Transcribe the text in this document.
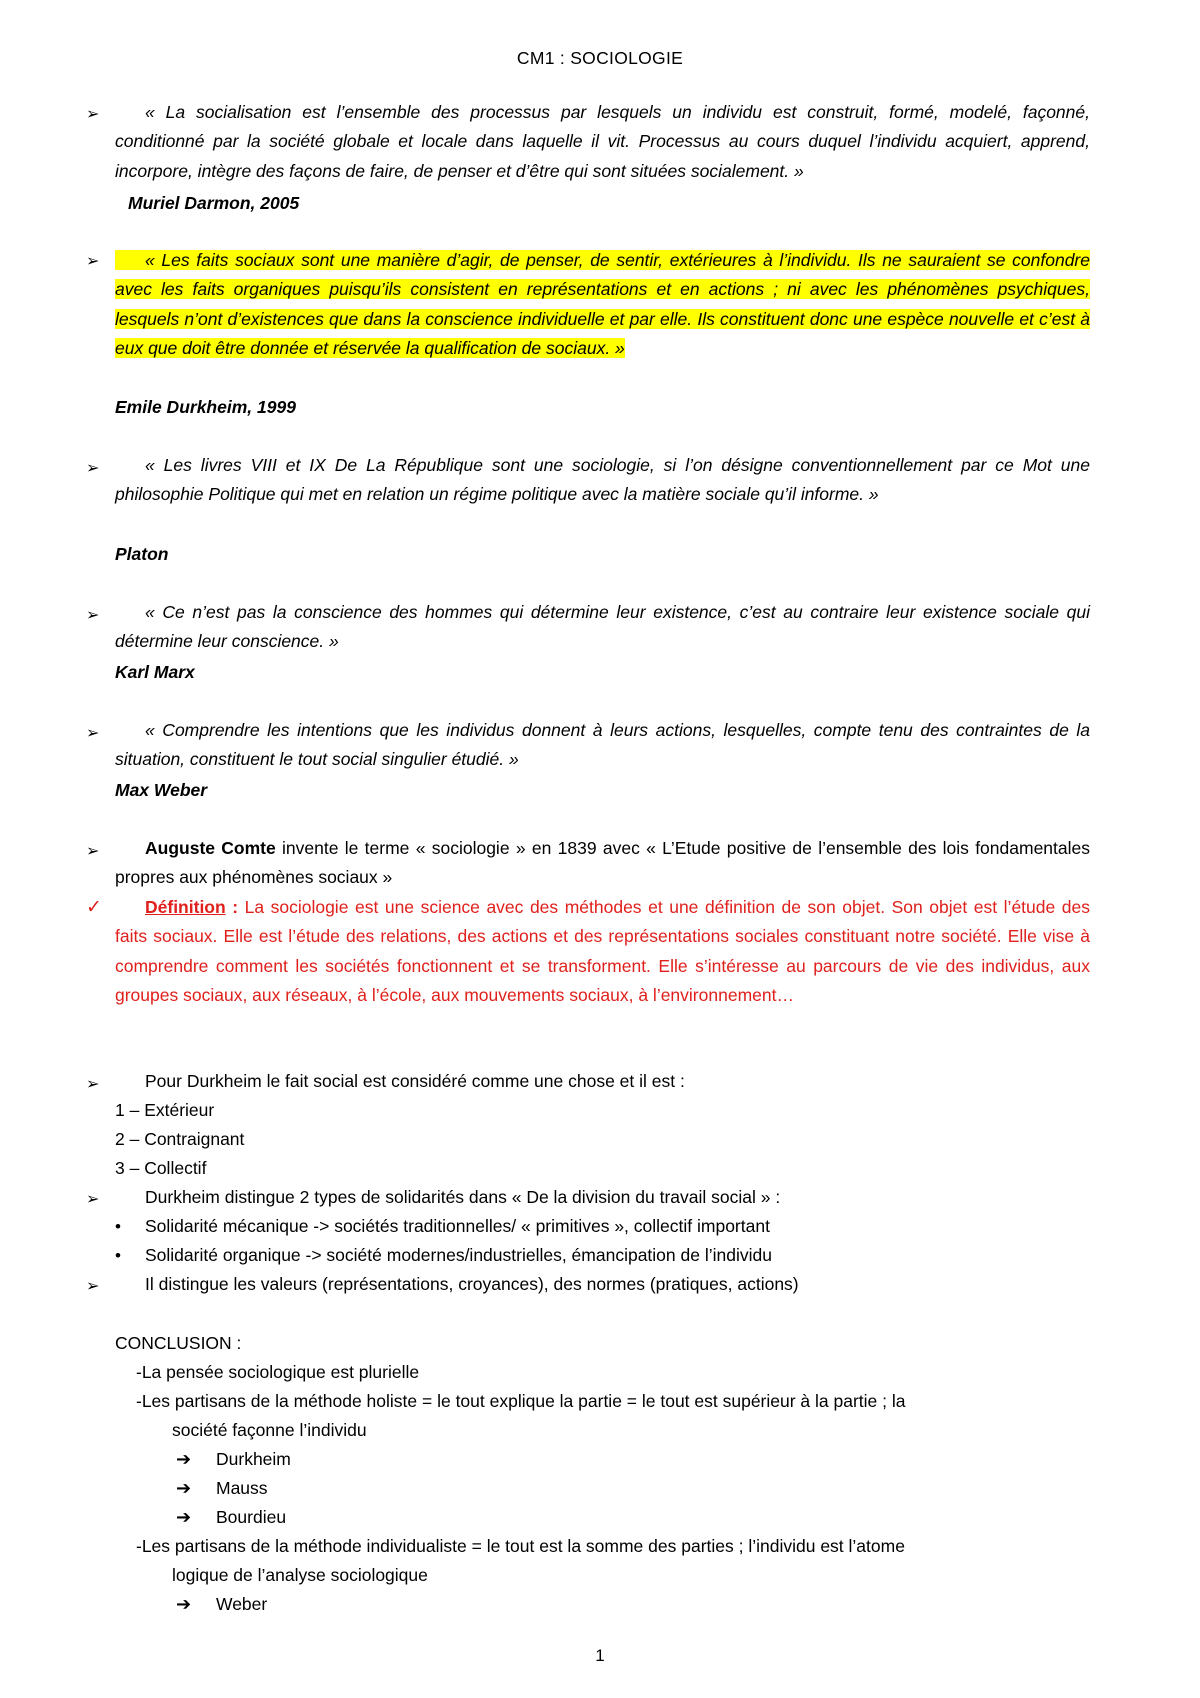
CM1 : SOCIOLOGIE
➢	« La socialisation est l’ensemble des processus par lesquels un individu est construit, formé, modelé, façonné, conditionné par la société globale et locale dans laquelle il vit. Processus au cours duquel l’individu acquiert, apprend, incorpore, intègre des façons de faire, de penser et d’être qui sont situées socialement. »
Muriel Darmon, 2005
➢	« Les faits sociaux sont une manière d’agir, de penser, de sentir, extérieures à l’individu. Ils ne sauraient se confondre avec les faits organiques puisqu’ils consistent en représentations et en actions ; ni avec les phénomènes psychiques, lesquels n’ont d’existences que dans la conscience individuelle et par elle. Ils constituent donc une espèce nouvelle et c’est à eux que doit être donnée et réservée la qualification de sociaux. »
Emile Durkheim, 1999
➢	« Les livres VIII et IX De La République sont une sociologie, si l’on désigne conventionnellement par ce Mot une philosophie Politique qui met en relation un régime politique avec la matière sociale qu’il informe. »
Platon
➢	« Ce n’est pas la conscience des hommes qui détermine leur existence, c’est au contraire leur existence sociale qui détermine leur conscience. »
Karl Marx
➢	« Comprendre les intentions que les individus donnent à leurs actions, lesquelles, compte tenu des contraintes de la situation, constituent le tout social singulier étudié. »
Max Weber
➢	Auguste Comte invente le terme « sociologie » en 1839 avec « L’Etude positive de l’ensemble des lois fondamentales propres aux phénomènes sociaux »
✓	Définition : La sociologie est une science avec des méthodes et une définition de son objet. Son objet est l’étude des faits sociaux. Elle est l’étude des relations, des actions et des représentations sociales constituant notre société. Elle vise à comprendre comment les sociétés fonctionnent et se transforment. Elle s’intéresse au parcours de vie des individus, aux groupes sociaux, aux réseaux, à l’école, aux mouvements sociaux, à l’environnement…
➢	Pour Durkheim le fait social est considéré comme une chose et il est :
1 – Extérieur
2 – Contraignant
3 – Collectif
➢	Durkheim distingue 2 types de solidarités dans « De la division du travail social » :
• Solidarité mécanique -> sociétés traditionnelles/ « primitives », collectif important
• Solidarité organique -> société modernes/industrielles, émancipation de l’individu
➢	Il distingue les valeurs (représentations, croyances), des normes (pratiques, actions)
CONCLUSION :
-La pensée sociologique est plurielle
-Les partisans de la méthode holiste = le tout explique la partie = le tout est supérieur à la partie ; la
société façonne l’individu
➔ Durkheim
➔ Mauss
➔ Bourdieu
-Les partisans de la méthode individualiste = le tout est la somme des parties ; l’individu est l’atome
logique de l’analyse sociologique
➔ Weber
1
